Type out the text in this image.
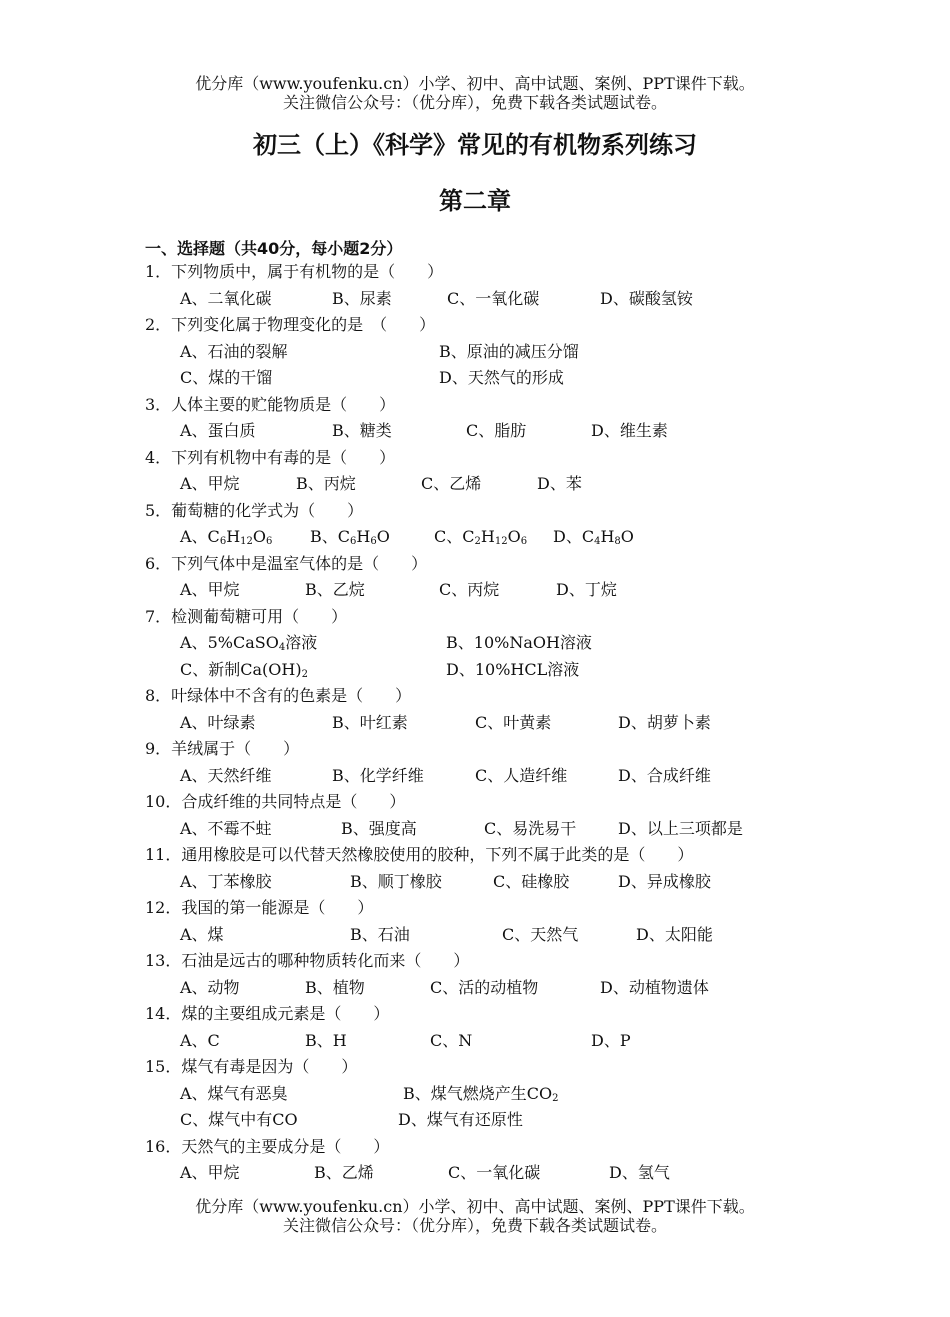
优分库（www.youfenku.cn）小学、初中、高中试题、案例、PPT课件下载。
关注微信公众号：（优分库），免费下载各类试题试卷。
初三（上）《科学》常见的有机物系列练习
第二章
一、选择题（共40分，每小题2分）
1．下列物质中，属于有机物的是（　　）
A、二氧化碳	B、尿素	C、一氧化碳	D、碳酸氢铵
2．下列变化属于物理变化的是　（　　）
A、石油的裂解	B、原油的减压分馏
C、煤的干馏	D、天然气的形成
3．人体主要的贮能物质是（　　）
A、蛋白质	B、糖类	C、脂肪	D、维生素
4．下列有机物中有毒的是（　　）
A、甲烷	B、丙烷	C、乙烯	D、苯
5．葡萄糖的化学式为（　　）
A、$C_6H_{12}O_6$ B、$C_6H_6O$	C、$C_2H_{12}O_6$ D、$C_4H_8O$
6．下列气体中是温室气体的是（　　）
A、甲烷	B、乙烷	C、丙烷	D、丁烷
7．检测葡萄糖可用（　　）
A、5%CaSO$_4$溶液	B、10%NaOH溶液
C、新制$Ca(OH)_2$	D、10%HCL溶液
8．叶绿体中不含有的色素是（　　）
A、叶绿素	B、叶红素	C、叶黄素	D、胡萝卜素
9．羊绒属于（　　）
A、天然纤维	B、化学纤维	C、人造纤维	D、合成纤维
10．合成纤维的共同特点是（　　）
A、不霉不蛀	B、强度高	C、易洗易干	D、以上三项都是
11．通用橡胶是可以代替天然橡胶使用的胶种，下列不属于此类的是（　　）
A、丁苯橡胶	B、顺丁橡胶	C、硅橡胶	D、异成橡胶
12．我国的第一能源是（　　）
A、煤	B、石油	C、天然气	D、太阳能
13．石油是远古的哪种物质转化而来（　　）
A、动物	B、植物	C、活的动植物	D、动植物遗体
14．煤的主要组成元素是（　　）
A、C	B、H	C、N	D、P
15．煤气有毒是因为（　　）
A、煤气有恶臭	B、煤气燃烧产生$CO_2$
C、煤气中有CO	D、煤气有还原性
16．天然气的主要成分是（　　）
A、甲烷	B、乙烯	C、一氧化碳	D、氢气
优分库（www.youfenku.cn）小学、初中、高中试题、案例、PPT课件下载。
关注微信公众号：（优分库），免费下载各类试题试卷。
